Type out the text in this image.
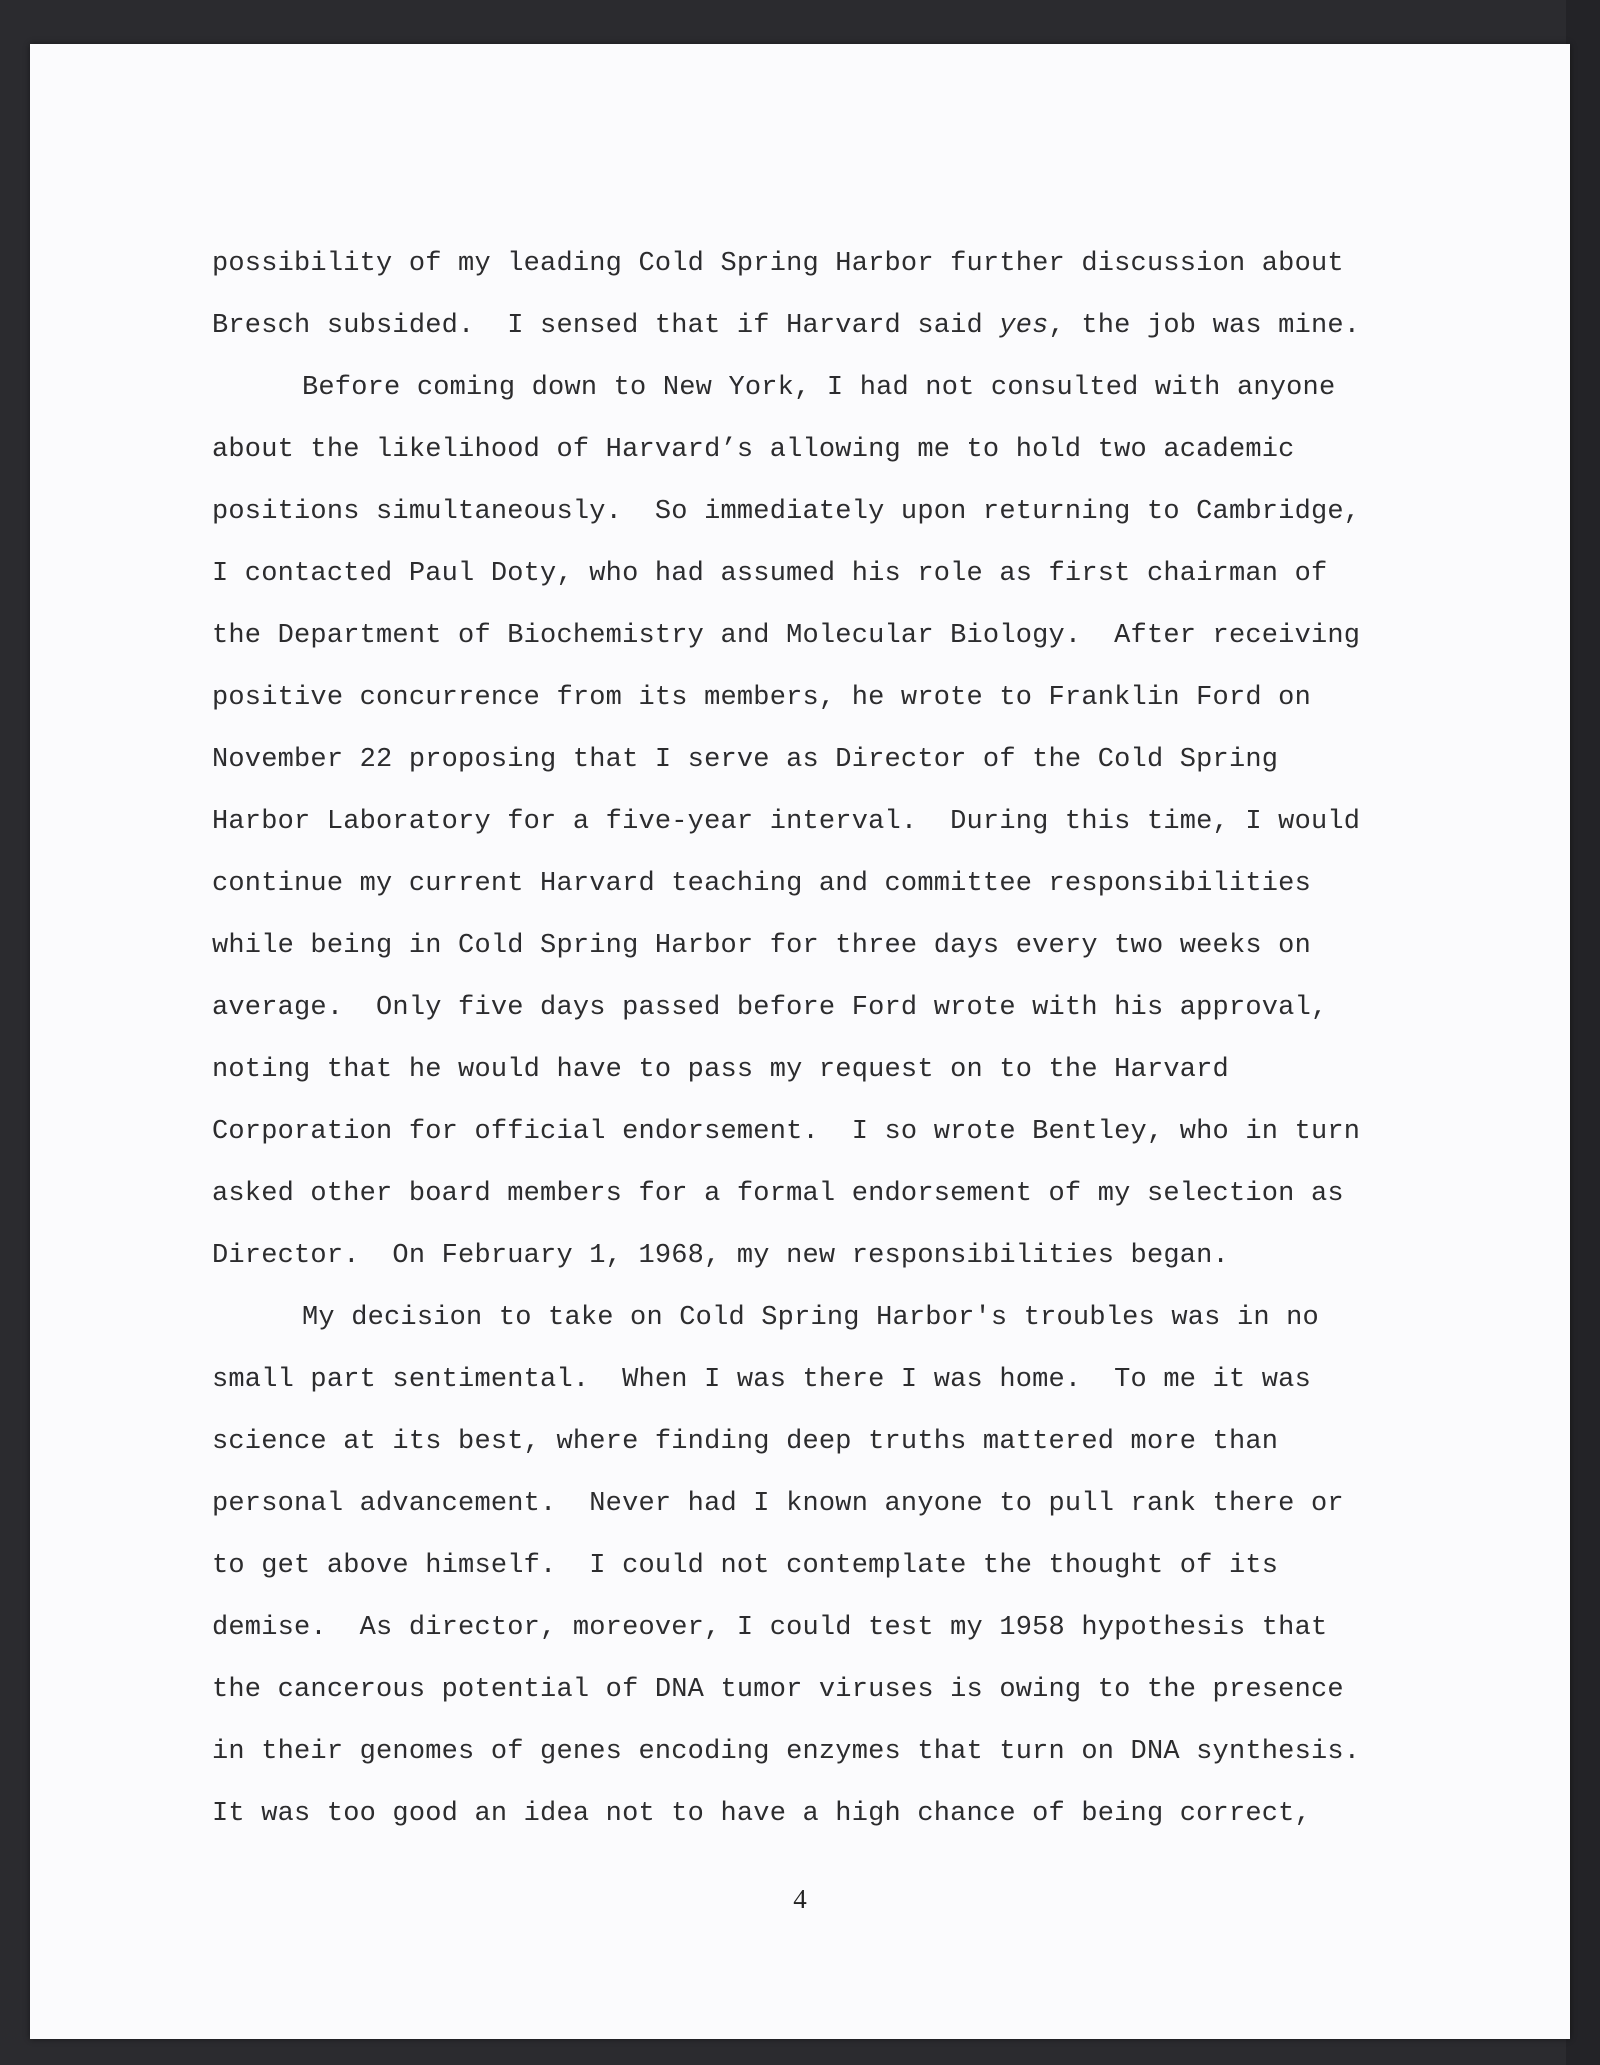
possibility of my leading Cold Spring Harbor further discussion about
Bresch subsided.  I sensed that if Harvard said yes, the job was mine.
Before coming down to New York, I had not consulted with anyone
about the likelihood of Harvard’s allowing me to hold two academic
positions simultaneously.  So immediately upon returning to Cambridge,
I contacted Paul Doty, who had assumed his role as first chairman of
the Department of Biochemistry and Molecular Biology.  After receiving
positive concurrence from its members, he wrote to Franklin Ford on
November 22 proposing that I serve as Director of the Cold Spring
Harbor Laboratory for a five-year interval.  During this time, I would
continue my current Harvard teaching and committee responsibilities
while being in Cold Spring Harbor for three days every two weeks on
average.  Only five days passed before Ford wrote with his approval,
noting that he would have to pass my request on to the Harvard
Corporation for official endorsement.  I so wrote Bentley, who in turn
asked other board members for a formal endorsement of my selection as
Director.  On February 1, 1968, my new responsibilities began.
My decision to take on Cold Spring Harbor's troubles was in no
small part sentimental.  When I was there I was home.  To me it was
science at its best, where finding deep truths mattered more than
personal advancement.  Never had I known anyone to pull rank there or
to get above himself.  I could not contemplate the thought of its
demise.  As director, moreover, I could test my 1958 hypothesis that
the cancerous potential of DNA tumor viruses is owing to the presence
in their genomes of genes encoding enzymes that turn on DNA synthesis.
It was too good an idea not to have a high chance of being correct,
4
